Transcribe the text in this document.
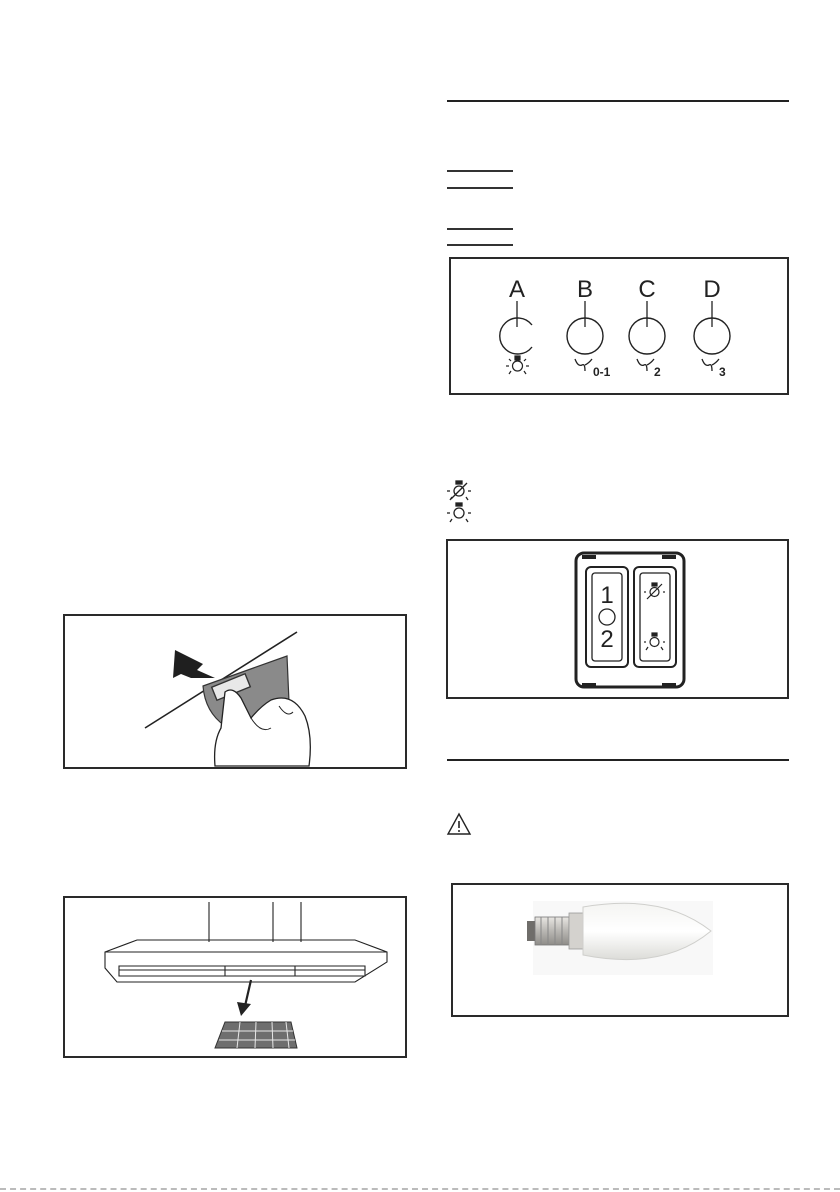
A B C D
0-1	2	3
1
2
